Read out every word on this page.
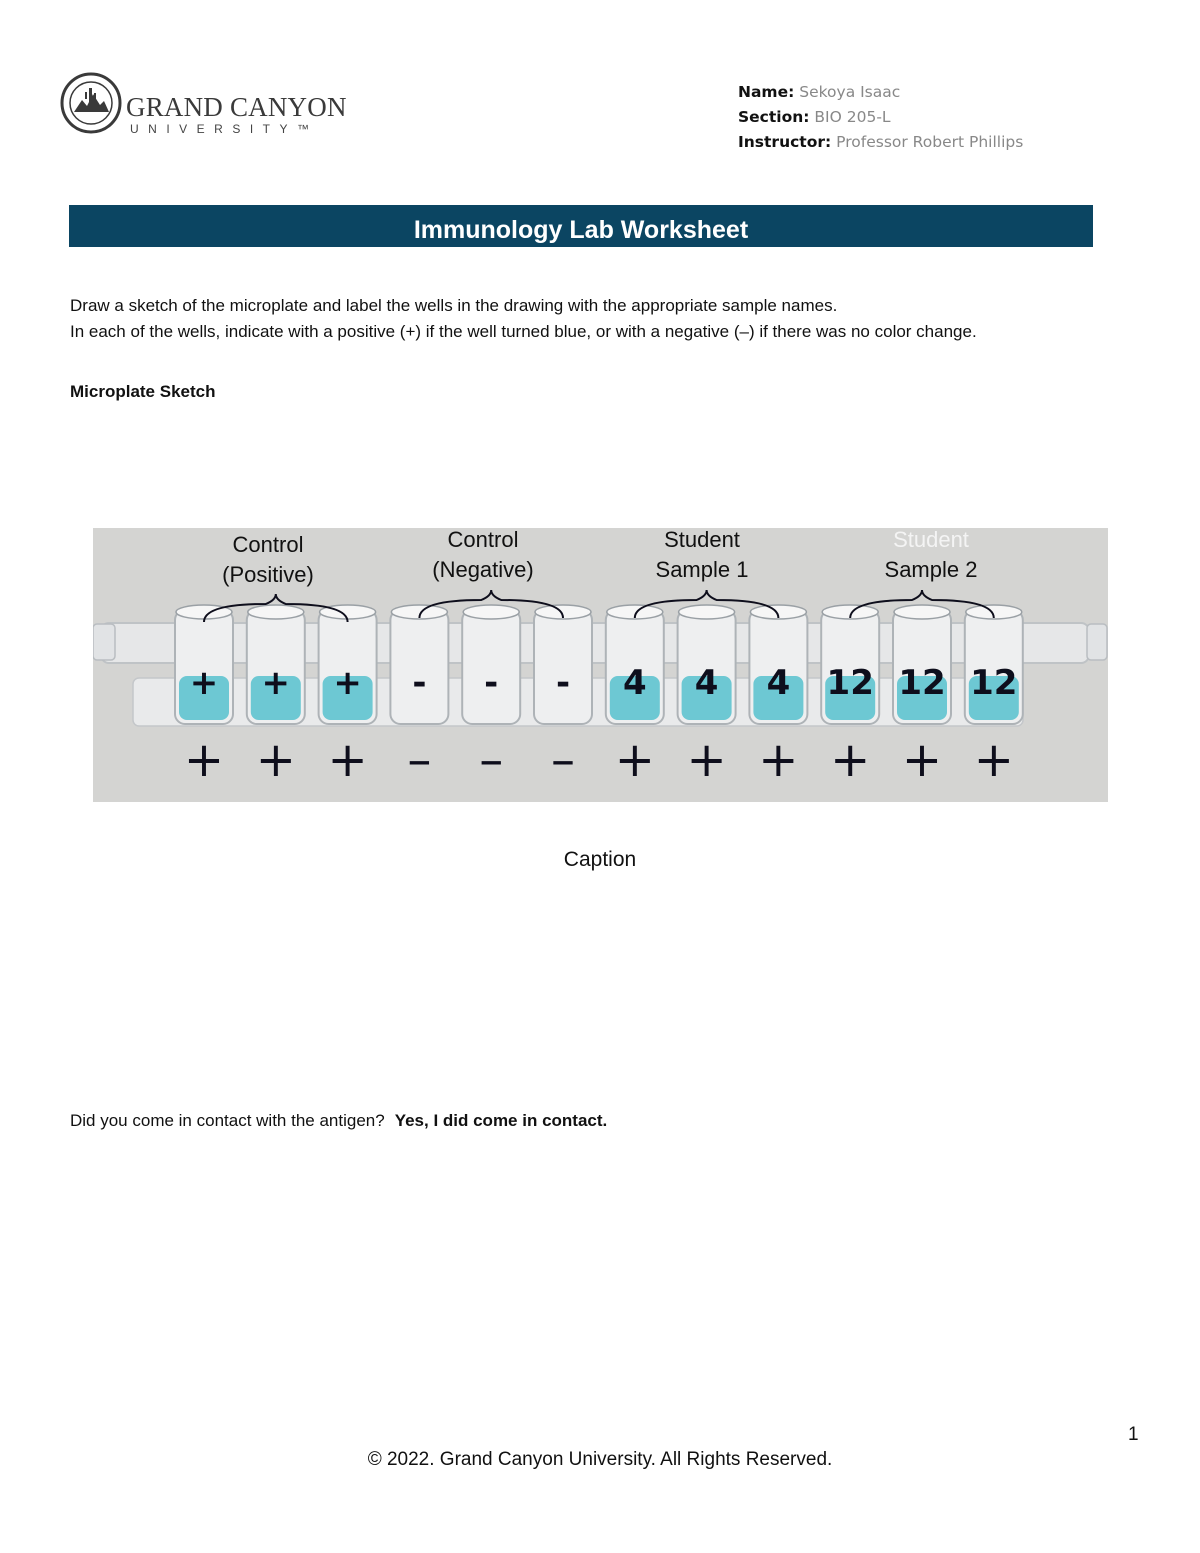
GRAND CANYON
UNIVERSITY™
Name: Sekoya Isaac
Section: BIO 205-L
Instructor: Professor Robert Phillips
Immunology Lab Worksheet
Draw a sketch of the microplate and label the wells in the drawing with the appropriate sample names.
In each of the wells, indicate with a positive (+) if the well turned blue, or with a negative (–) if there was no color change.
Microplate Sketch
+
+
+
+
+
+
-
–
-
–
-
–
4
+
4
+
4
+
12
+
12
+
12
+
Control
(Positive)
Control
(Negative)
Student
Sample 1
Student
Sample 2
Caption
Did you come in contact with the antigen? Yes, I did come in contact.
1
© 2022. Grand Canyon University. All Rights Reserved.
